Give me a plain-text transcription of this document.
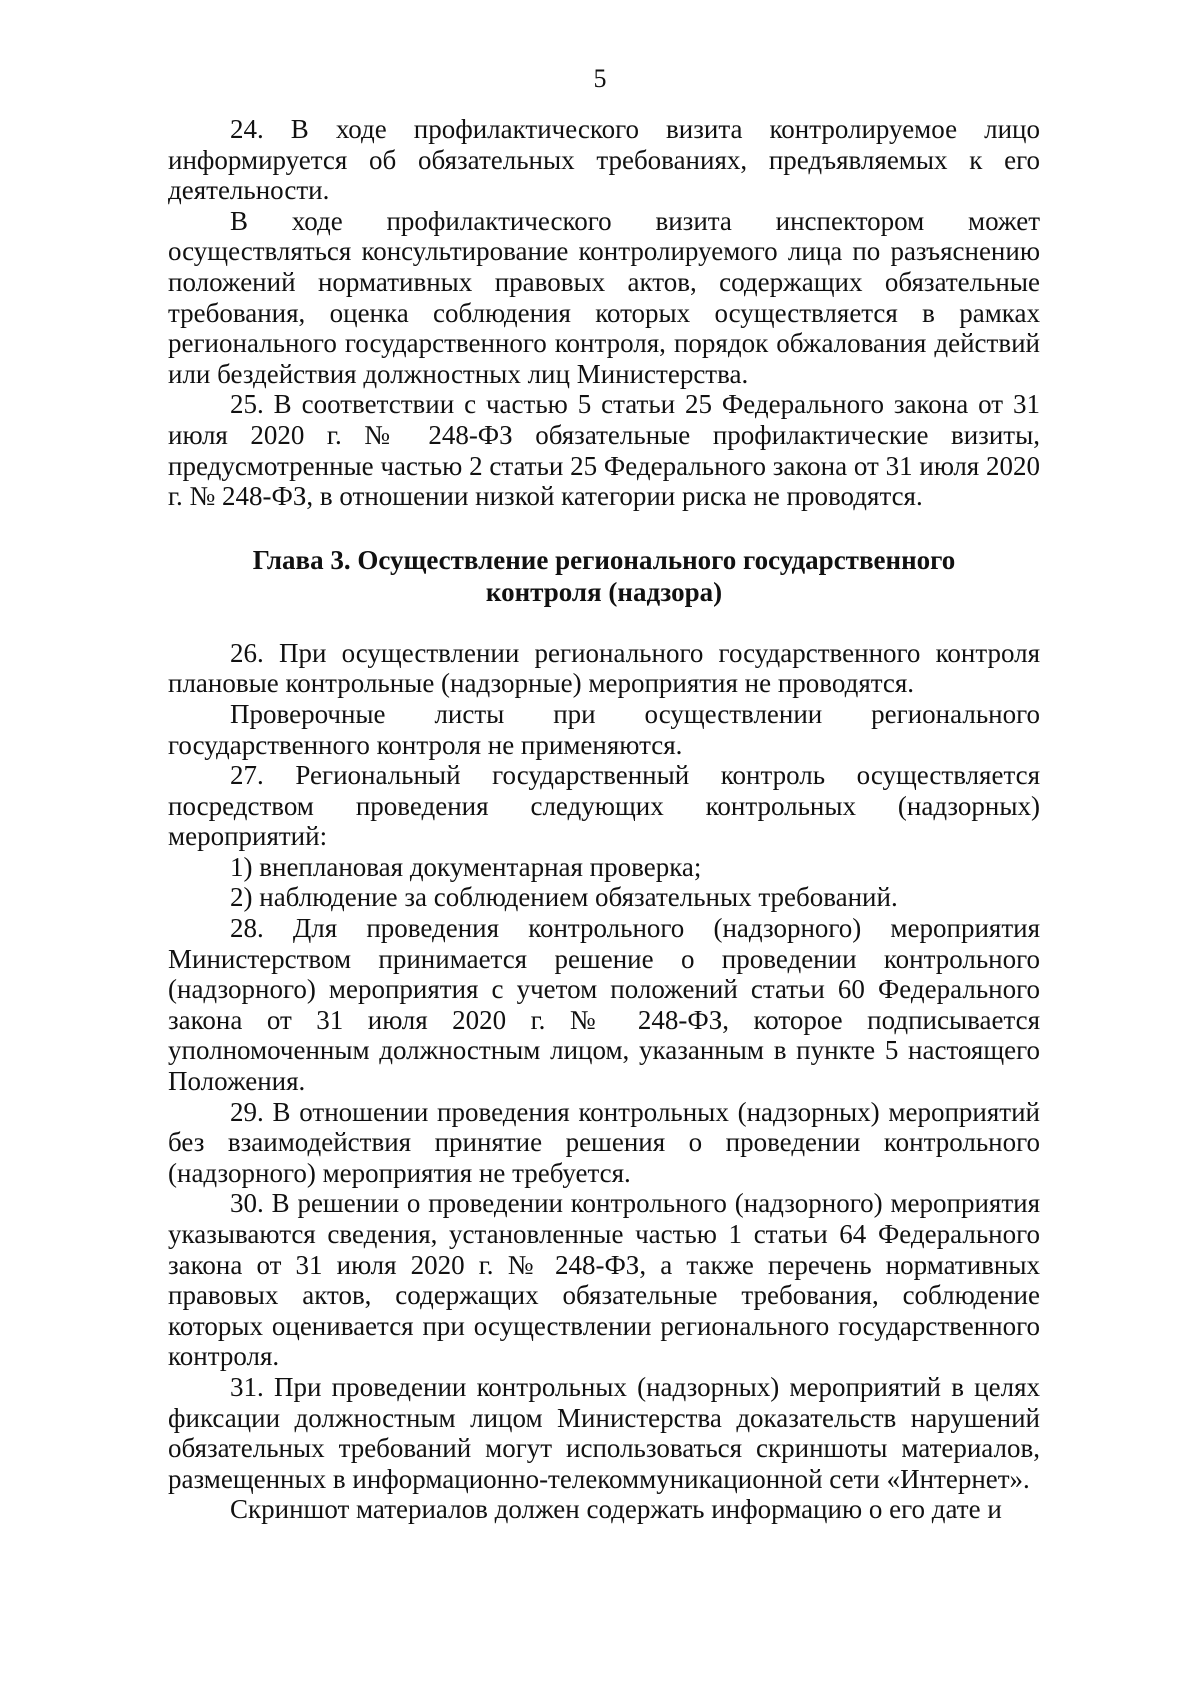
5

24. В ходе профилактического визита контролируемое лицо информируется об обязательных требованиях, предъявляемых к его деятельности.

В ходе профилактического визита инспектором может осуществляться консультирование контролируемого лица по разъяснению положений нормативных правовых актов, содержащих обязательные требования, оценка соблюдения которых осуществляется в рамках регионального государственного контроля, порядок обжалования действий или бездействия должностных лиц Министерства.

25. В соответствии с частью 5 статьи 25 Федерального закона от 31 июля 2020 г. № 248-ФЗ обязательные профилактические визиты, предусмотренные частью 2 статьи 25 Федерального закона от 31 июля 2020 г. № 248-ФЗ, в отношении низкой категории риска не проводятся.

Глава 3. Осуществление регионального государственного
контроля (надзора)

26. При осуществлении регионального государственного контроля плановые контрольные (надзорные) мероприятия не проводятся.

Проверочные листы при осуществлении регионального государственного контроля не применяются.

27. Региональный государственный контроль осуществляется посредством проведения следующих контрольных (надзорных) мероприятий:

1) внеплановая документарная проверка;

2) наблюдение за соблюдением обязательных требований.

28. Для проведения контрольного (надзорного) мероприятия Министерством принимается решение о проведении контрольного (надзорного) мероприятия с учетом положений статьи 60 Федерального закона от 31 июля 2020 г. № 248-ФЗ, которое подписывается уполномоченным должностным лицом, указанным в пункте 5 настоящего Положения.

29. В отношении проведения контрольных (надзорных) мероприятий без взаимодействия принятие решения о проведении контрольного (надзорного) мероприятия не требуется.

30. В решении о проведении контрольного (надзорного) мероприятия указываются сведения, установленные частью 1 статьи 64 Федерального закона от 31 июля 2020 г. № 248-ФЗ, а также перечень нормативных правовых актов, содержащих обязательные требования, соблюдение которых оценивается при осуществлении регионального государственного контроля.

31. При проведении контрольных (надзорных) мероприятий в целях фиксации должностным лицом Министерства доказательств нарушений обязательных требований могут использоваться скриншоты материалов, размещенных в информационно-телекоммуникационной сети «Интернет».

Скриншот материалов должен содержать информацию о его дате и
